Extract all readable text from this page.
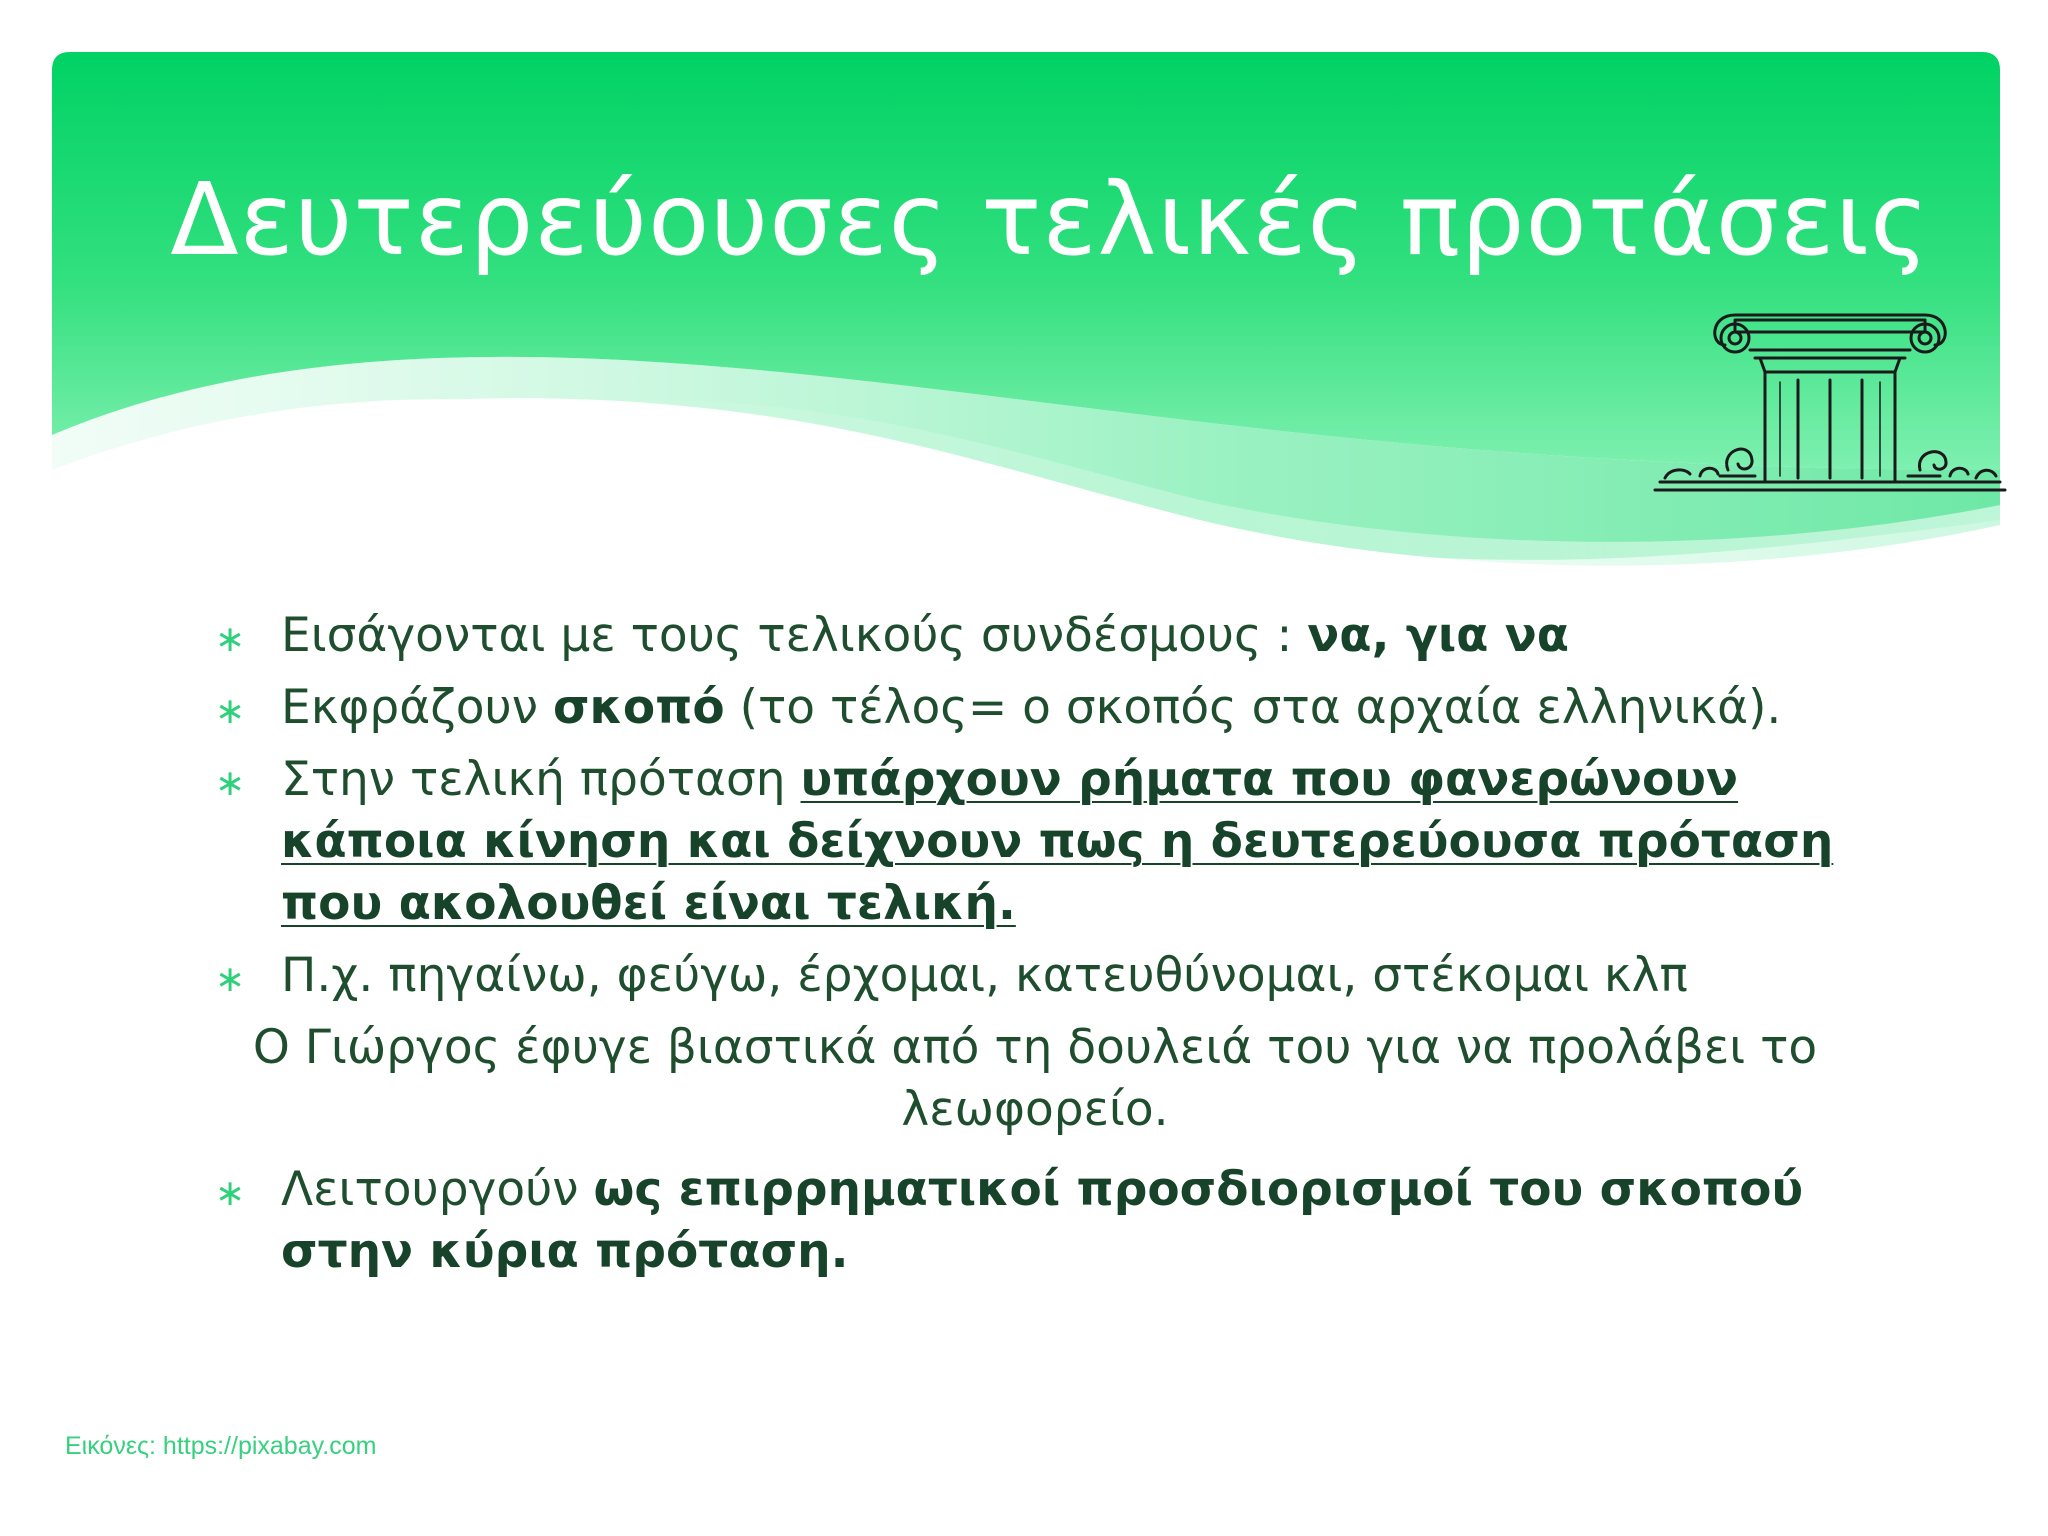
Δευτερεύουσες τελικές προτάσεις
∗ Εισάγονται με τους τελικούς συνδέσμους : να, για να
∗ Εκφράζουν σκοπό (το τέλος= ο σκοπός στα αρχαία ελληνικά).
∗ Στην τελική πρόταση υπάρχουν ρήματα που φανερώνουν κάποια κίνηση και δείχνουν πως η δευτερεύουσα πρόταση που ακολουθεί είναι τελική.
∗ Π.χ. πηγαίνω, φεύγω, έρχομαι, κατευθύνομαι, στέκομαι κλπ

Ο Γιώργος έφυγε βιαστικά από τη δουλειά του για να προλάβει το λεωφορείο.

∗ Λειτουργούν ως επιρρηματικοί προσδιορισμοί του σκοπού στην κύρια πρόταση.
Εικόνες: https://pixabay.com
